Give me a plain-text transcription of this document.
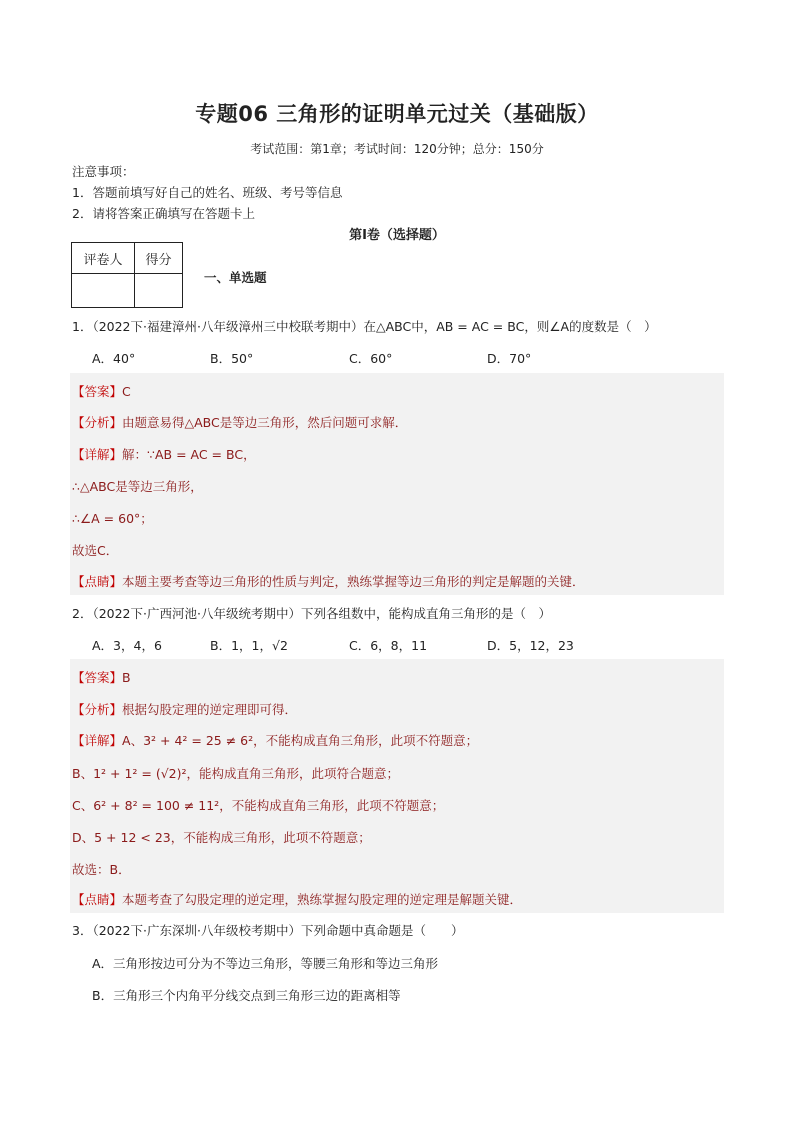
专题06 三角形的证明单元过关（基础版）
考试范围：第1章；考试时间：120分钟；总分：150分
注意事项：
1．答题前填写好自己的姓名、班级、考号等信息
2．请将答案正确填写在答题卡上
第I卷（选择题）
评卷人	得分

一、单选题
1．（2022下·福建漳州·八年级漳州三中校联考期中）在△ABC中，AB = AC = BC，则∠A的度数是（　）
A．40°	B．50°	C．60°	D．70°
【答案】C
【分析】由题意易得△ABC是等边三角形，然后问题可求解．
【详解】解：∵AB = AC = BC，
∴△ABC是等边三角形，
∴∠A = 60°；
故选C．
【点睛】本题主要考查等边三角形的性质与判定，熟练掌握等边三角形的判定是解题的关键．
2．（2022下·广西河池·八年级统考期中）下列各组数中，能构成直角三角形的是（　）
A．3，4，6	B．1，1，√2	C．6，8，11	D．5，12，23
【答案】B
【分析】根据勾股定理的逆定理即可得．
【详解】A、3² + 4² = 25 ≠ 6²，不能构成直角三角形，此项不符题意；
B、1² + 1² = (√2)²，能构成直角三角形，此项符合题意；
C、6² + 8² = 100 ≠ 11²，不能构成直角三角形，此项不符题意；
D、5 + 12 < 23，不能构成三角形，此项不符题意；
故选：B．
【点睛】本题考查了勾股定理的逆定理，熟练掌握勾股定理的逆定理是解题关键．
3．（2022下·广东深圳·八年级校考期中）下列命题中真命题是（　　）
A．三角形按边可分为不等边三角形，等腰三角形和等边三角形
B．三角形三个内角平分线交点到三角形三边的距离相等
